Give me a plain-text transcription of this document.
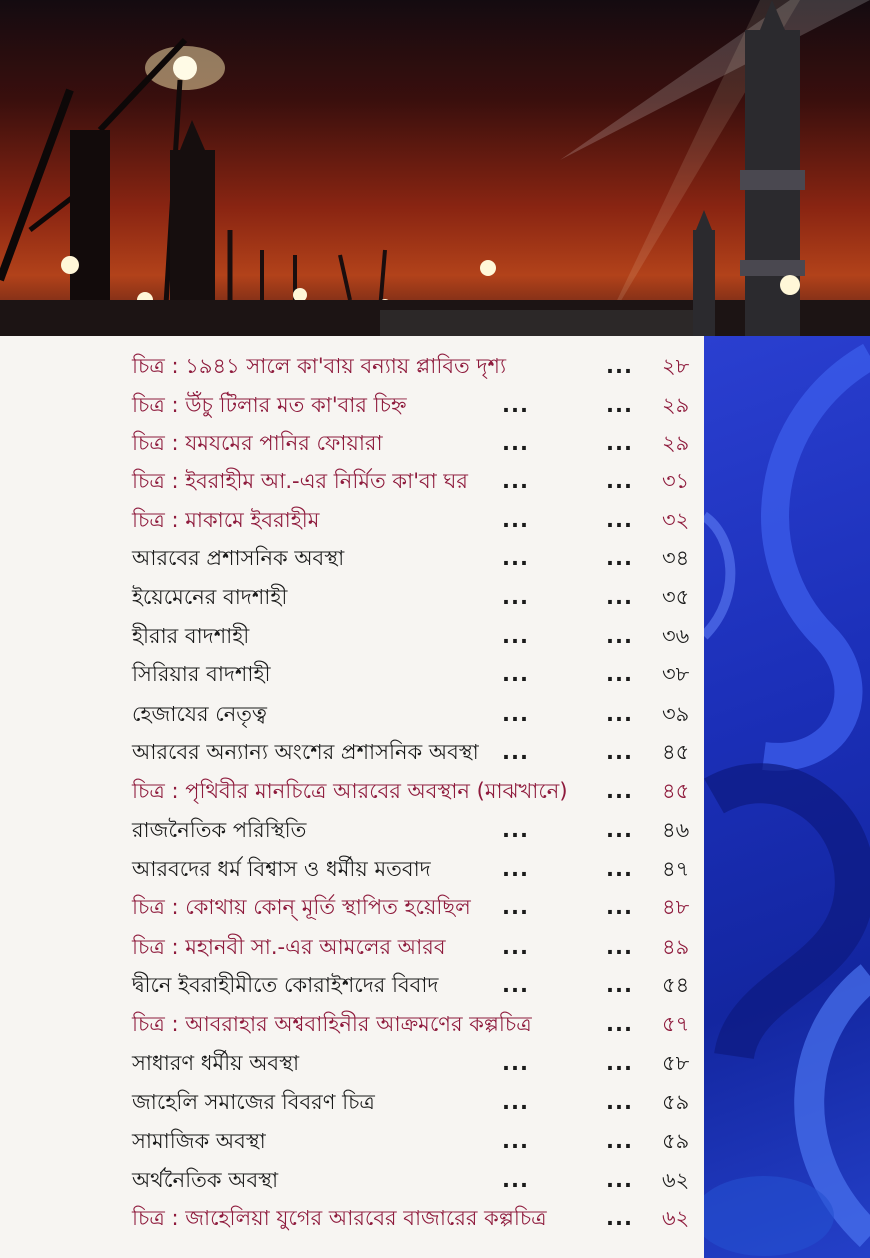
চিত্র : ১৯৪১ সালে কা'বায় বন্যায় প্লাবিত দৃশ্য	... ২৮
চিত্র : উঁচু টিলার মত কা'বার চিহ্ন	...	... ২৯
চিত্র : যমযমের পানির ফোয়ারা	...	... ২৯
চিত্র : ইবরাহীম আ.-এর নির্মিত কা'বা ঘর ...	... ৩১
চিত্র : মাকামে ইবরাহীম	...	... ৩২
আরবের প্রশাসনিক অবস্থা	...	... ৩৪
ইয়েমেনের বাদশাহী	...	... ৩৫
হীরার বাদশাহী	...	... ৩৬
সিরিয়ার বাদশাহী	...	... ৩৮
হেজাযের নেতৃত্ব	...	... ৩৯
আরবের অন্যান্য অংশের প্রশাসনিক অবস্থা ...	... ৪৫
চিত্র : পৃথিবীর মানচিত্রে আরবের অবস্থান (মাঝখানে) ... ৪৫
রাজনৈতিক পরিস্থিতি	...	... ৪৬
আরবদের ধর্ম বিশ্বাস ও ধর্মীয় মতবাদ	...	... ৪৭
চিত্র : কোথায় কোন্ মূর্তি স্থাপিত হয়েছিল ...	... ৪৮
চিত্র : মহানবী সা.-এর আমলের আরব	...	... ৪৯
দ্বীনে ইবরাহীমীতে কোরাইশদের বিবাদ	...	... ৫৪
চিত্র : আবরাহার অশ্ববাহিনীর আক্রমণের কল্পচিত্র	... ৫৭
সাধারণ ধর্মীয় অবস্থা	...	... ৫৮
জাহেলি সমাজের বিবরণ চিত্র	...	... ৫৯
সামাজিক অবস্থা	...	... ৫৯
অর্থনৈতিক অবস্থা	...	... ৬২
চিত্র : জাহেলিয়া যুগের আরবের বাজারের কল্পচিত্র	... ৬২
